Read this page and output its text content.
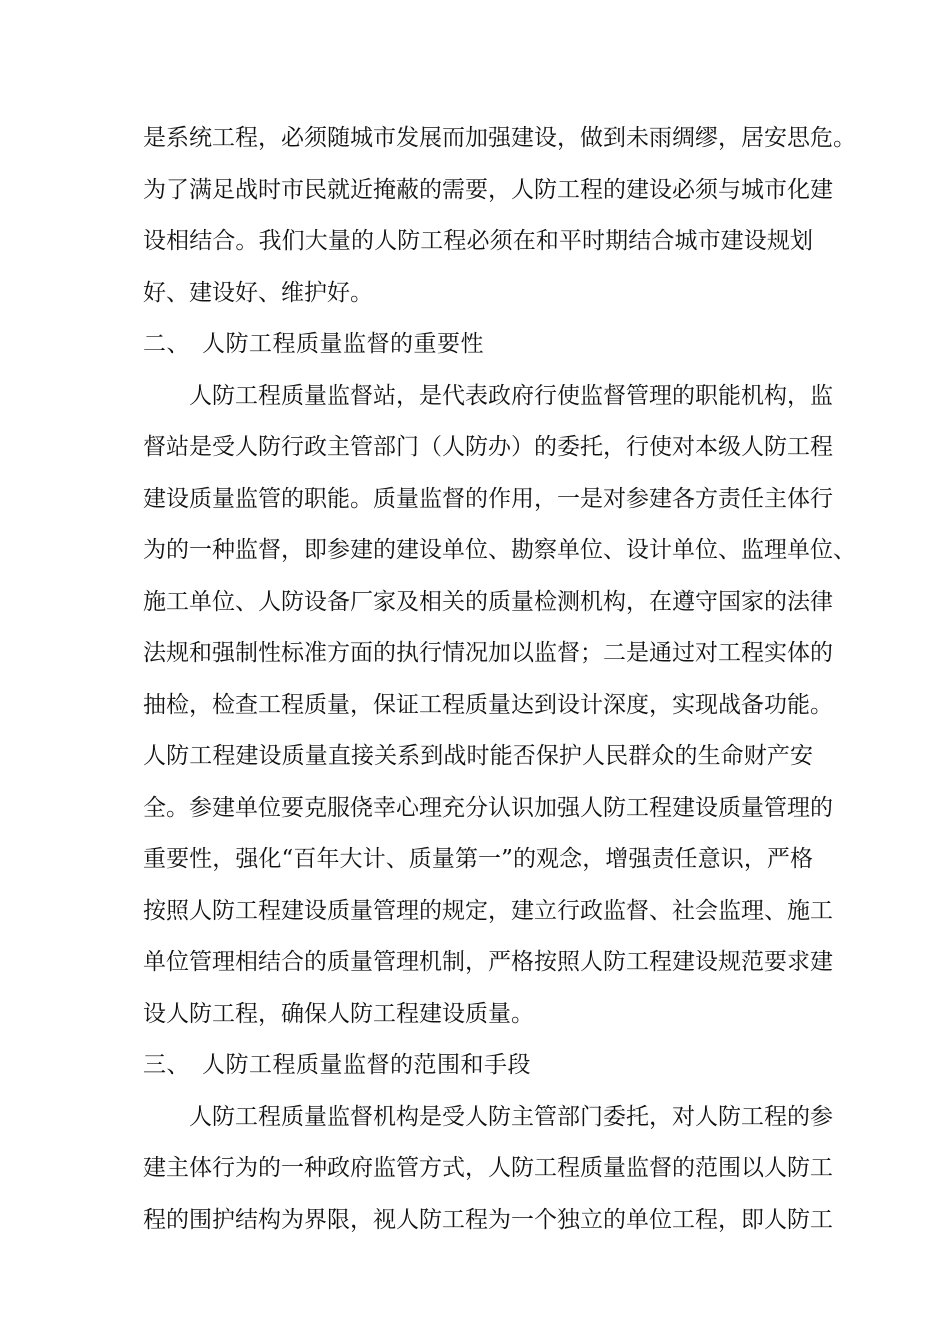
是系统工程，必须随城市发展而加强建设，做到未雨绸缪，居安思危。
为了满足战时市民就近掩蔽的需要，人防工程的建设必须与城市化建
设相结合。我们大量的人防工程必须在和平时期结合城市建设规划
好、建设好、维护好。
二、　人防工程质量监督的重要性
人防工程质量监督站，是代表政府行使监督管理的职能机构，监
督站是受人防行政主管部门（人防办）的委托，行使对本级人防工程
建设质量监管的职能。质量监督的作用，一是对参建各方责任主体行
为的一种监督，即参建的建设单位、勘察单位、设计单位、监理单位、
施工单位、人防设备厂家及相关的质量检测机构，在遵守国家的法律
法规和强制性标准方面的执行情况加以监督；二是通过对工程实体的
抽检，检查工程质量，保证工程质量达到设计深度，实现战备功能。
人防工程建设质量直接关系到战时能否保护人民群众的生命财产安
全。参建单位要克服侥幸心理充分认识加强人防工程建设质量管理的
重要性，强化“百年大计、质量第一”的观念，增强责任意识，严格
按照人防工程建设质量管理的规定，建立行政监督、社会监理、施工
单位管理相结合的质量管理机制，严格按照人防工程建设规范要求建
设人防工程，确保人防工程建设质量。
三、　人防工程质量监督的范围和手段
人防工程质量监督机构是受人防主管部门委托，对人防工程的参
建主体行为的一种政府监管方式，人防工程质量监督的范围以人防工
程的围护结构为界限，视人防工程为一个独立的单位工程，即人防工
